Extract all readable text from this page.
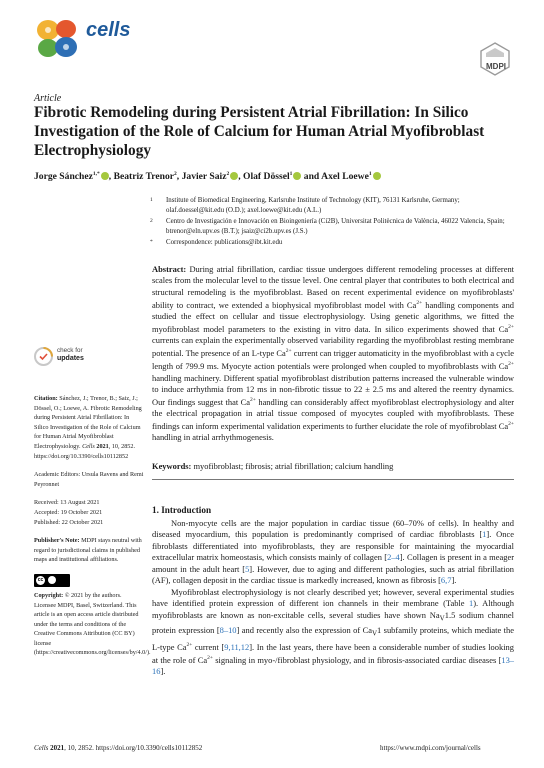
cells
MDPI
Article
Fibrotic Remodeling during Persistent Atrial Fibrillation: In Silico Investigation of the Role of Calcium for Human Atrial Myofibroblast Electrophysiology
Jorge Sánchez$^{1,*}$ , Beatriz Trenor$^2$, Javier Saiz$^2$ , Olaf Dössel$^1$ and Axel Loewe$^1$
1 Institute of Biomedical Engineering, Karlsruhe Institute of Technology (KIT), 76131 Karlsruhe, Germany; olaf.doessel@kit.edu (O.D.); axel.loewe@kit.edu (A.L.)
2 Centro de Investigación e Innovación en Bioingeniería (Ci2B), Universitat Politècnica de València, 46022 Valencia, Spain; btrenor@eln.upv.es (B.T.); jsaiz@ci2b.upv.es (J.S.)
* Correspondence: publications@ibt.kit.edu
Abstract: During atrial fibrillation, cardiac tissue undergoes different remodeling processes at different scales from the molecular level to the tissue level. One central player that contributes to both electrical and structural remodeling is the myofibroblast. Based on recent experimental evidence on myofibroblasts' ability to contract, we extended a biophysical myofibroblast model with $Ca^{2+}$ handling components and studied the effect on cellular and tissue electrophysiology. Using genetic algorithms, we fitted the myofibroblast model parameters to the existing in vitro data. In silico experiments showed that $Ca^{2+}$ currents can explain the experimentally observed variability regarding the myofibroblast resting membrane potential. The presence of an L-type $Ca^{2+}$ current can trigger automaticity in the myofibroblast with a cycle length of 799.9 ms. Myocyte action potentials were prolonged when coupled to myofibroblasts with $Ca^{2+}$ handling machinery. Different spatial myofibroblast distribution patterns increased the vulnerable window to induce arrhythmia from 12 ms in non-fibrotic tissue to 22 ± 2.5 ms and altered the reentry dynamics. Our findings suggest that $Ca^{2+}$ handling can considerably affect myofibroblast electrophysiology and alter the electrical propagation in atrial tissue composed of myocytes coupled with myofibroblasts. These findings can inform experimental validation experiments to further elucidate the role of myofibroblast $Ca^{2+}$ handling in atrial arrhythmogenesis.
Keywords: myofibroblast; fibrosis; atrial fibrillation; calcium handling
1. Introduction

Non-myocyte cells are the major population in cardiac tissue (60–70% of cells). In healthy and diseased myocardium, this population is predominantly comprised of cardiac fibroblasts [1]. Once fibroblasts differentiated into myofibroblasts, they are responsible for maintaining the myocardial extracellular matrix homeostasis, which consists mainly of collagen [2–4]. Collagen is present in a meager amount in the adult heart [5]. However, due to aging and different pathologies, such as atrial fibrillation (AF), collagen deposit in the cardiac tissue is markedly increased, known as fibrosis [6,7].

Myofibroblast electrophysiology is not clearly described yet; however, several experimental studies have identified protein expression of different ion channels in their membrane (Table 1). Although myofibroblasts are known as non-excitable cells, several studies have shown $Na_V1.5$ sodium channel protein expression [8–10] and recently also the expression of $Ca_V1$ subfamily proteins, which mediate the L-type $Ca^{2+}$ current [9,11,12]. In the last years, there have been a considerable number of studies looking at the role of $Ca^{2+}$ signaling in myo-/fibroblast physiology, and in fibrosis-associated cardiac diseases [13–16].

check for
updates
Citation: Sánchez, J.; Trenor, B.; Saiz, J.; Dössel, O.; Loewe, A. Fibrotic Remodeling during Persistent Atrial Fibrillation: In Silico Investigation of the Role of Calcium for Human Atrial Myofibroblast Electrophysiology. Cells 2021, 10, 2852. https://doi.org/10.3390/cells10112852
Academic Editors: Ursula Ravens and Remi Peyronnet
Received: 13 August 2021
Accepted: 19 October 2021
Published: 22 October 2021
Publisher's Note: MDPI stays neutral with regard to jurisdictional claims in published maps and institutional affiliations.
cc
Copyright: © 2021 by the authors. Licensee MDPI, Basel, Switzerland. This article is an open access article distributed under the terms and conditions of the Creative Commons Attribution (CC BY) license (https://creativecommons.org/licenses/by/4.0/).
Cells 2021, 10, 2852. https://doi.org/10.3390/cells10112852	https://www.mdpi.com/journal/cells
